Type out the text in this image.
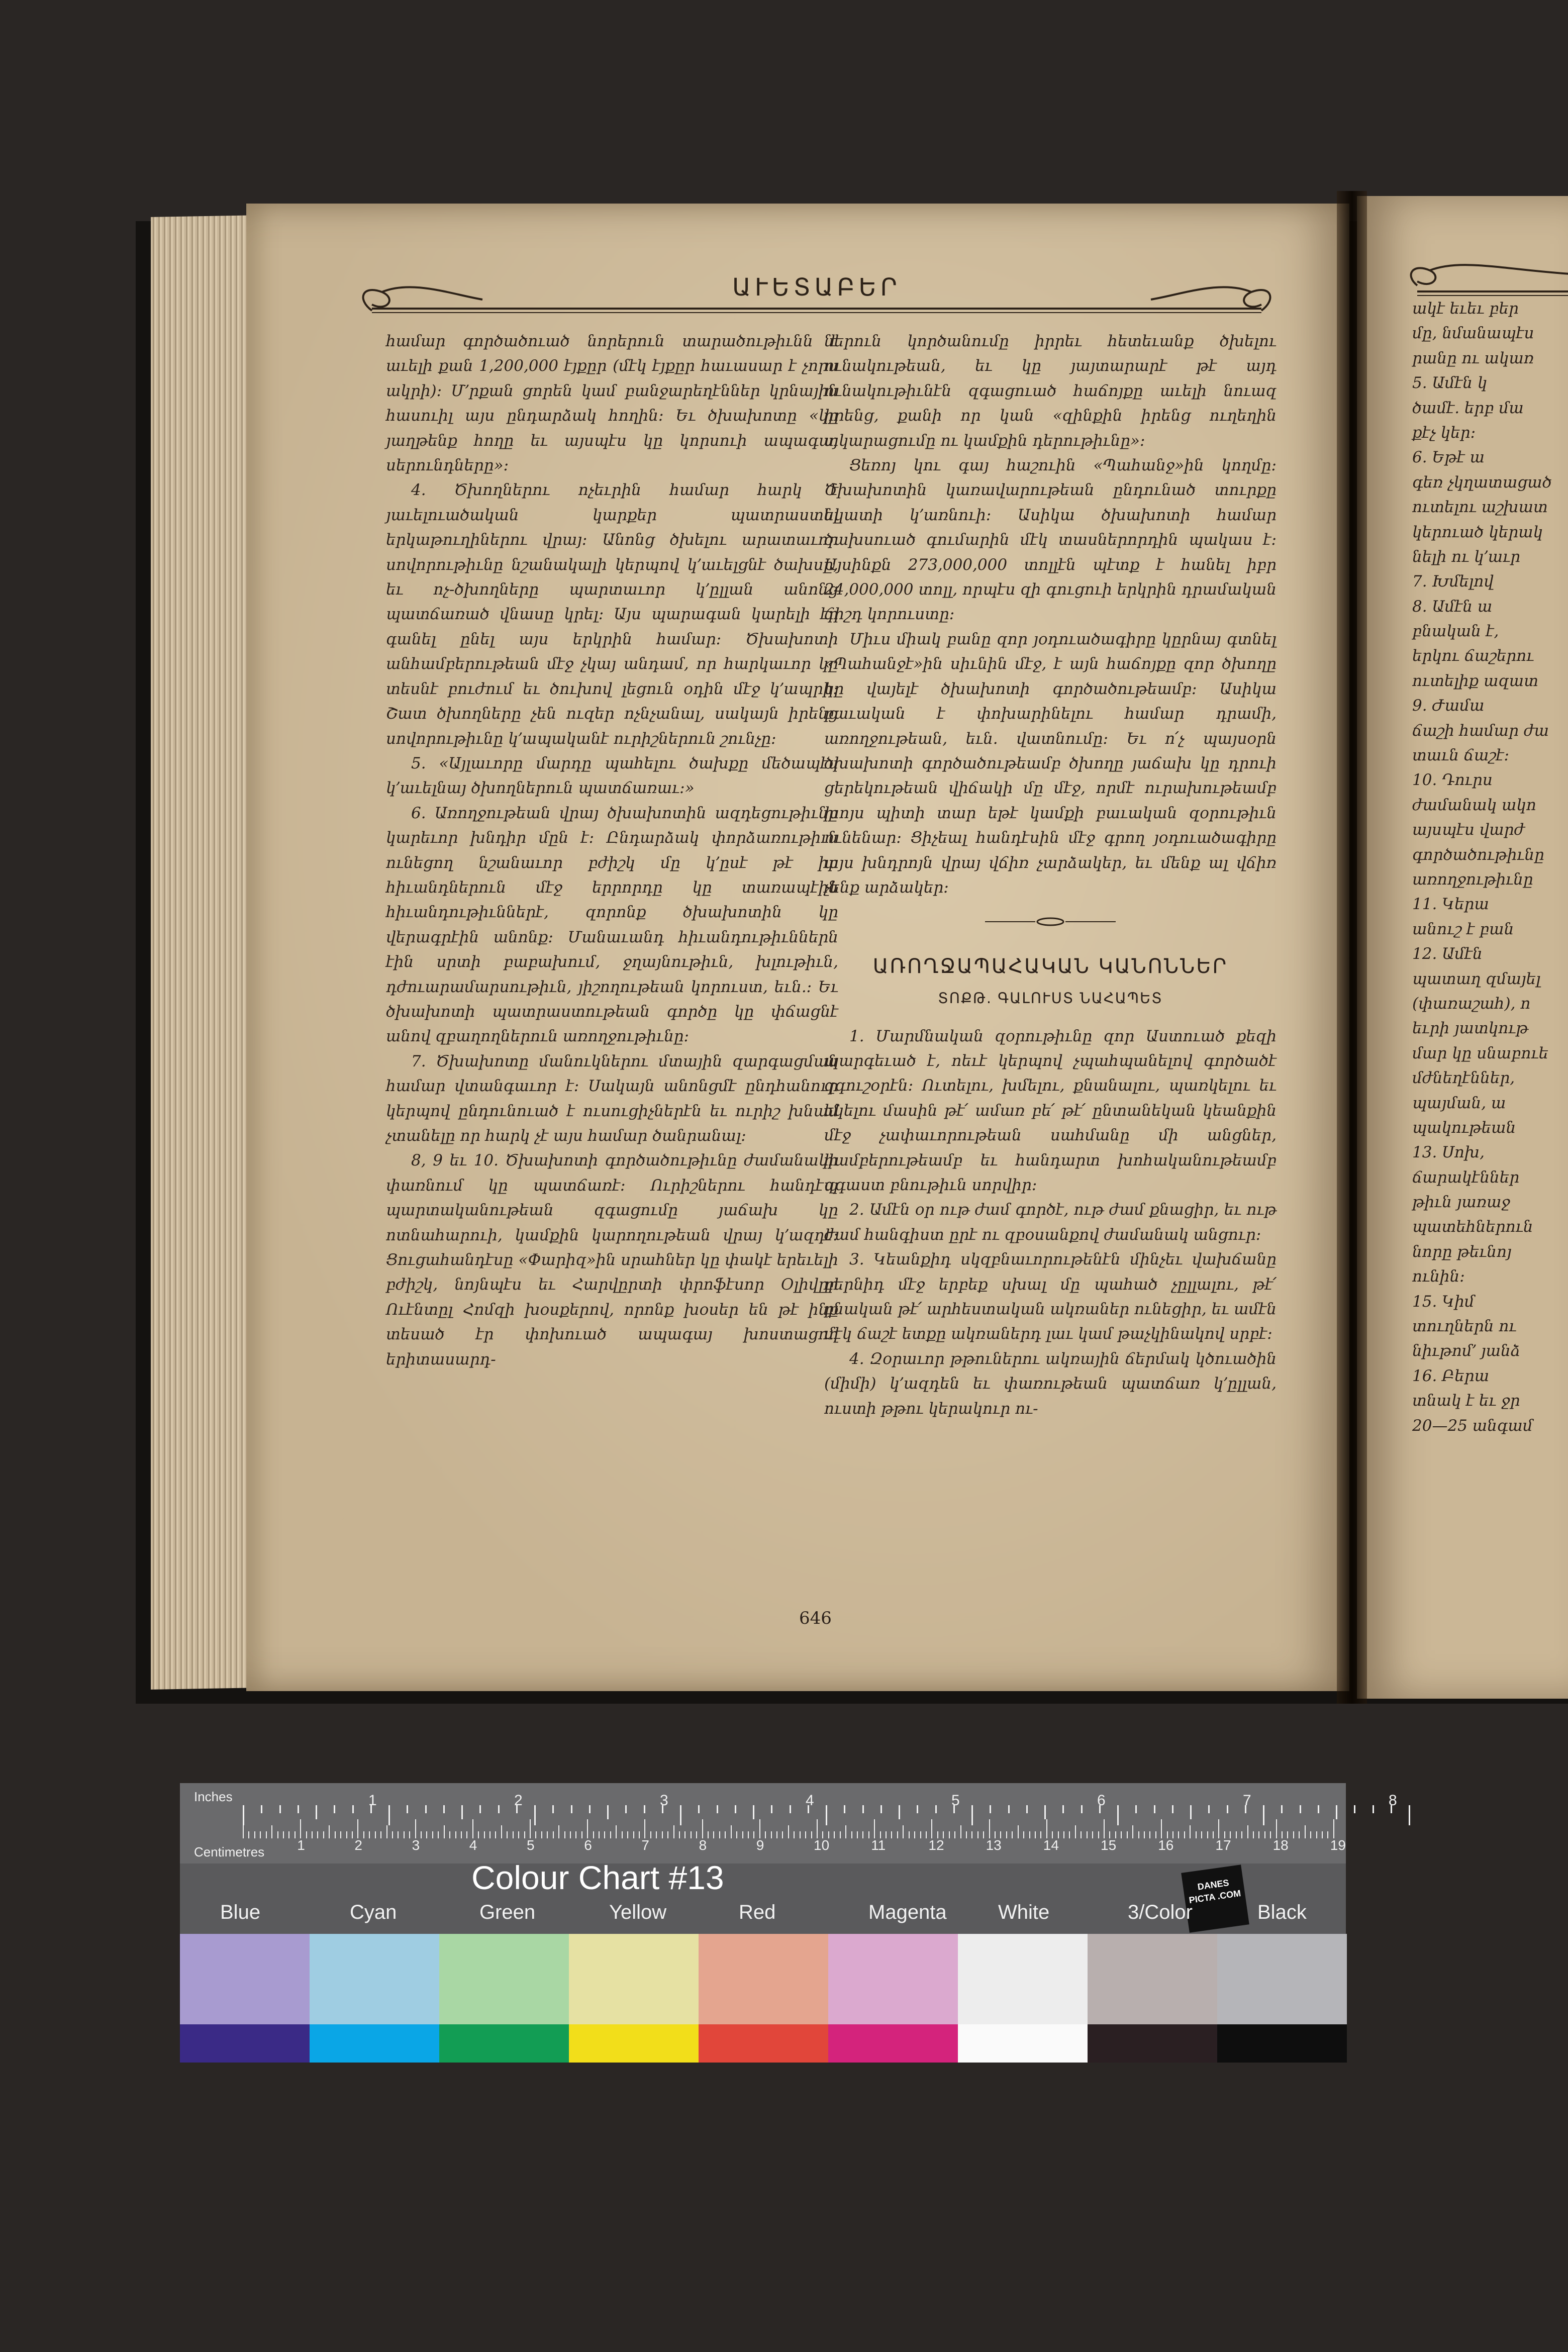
ԱՒԵՏԱԲԵՐ

համար գործածուած նորերուն տարածութիւնն է աւելի քան 1,200,000 էյքըր (մէկ էյքըր հաւասար է չորս ակրի)։ Մ՚րքան ցորեն կամ բանջարեղէններ կրնային հասուիլ այս ընդարձակ հողին։ Եւ ծխախոտը «կը յաղթենք հողը եւ այսպէս կը կորսուի ապագայ սերունդները»։

4. Ծխողներու ոչեւրին համար հարկ է յաւելուածական կարքեր պատրաստել երկաթուղիներու վրայ։ Անոնց ծխելու արատաւոր սովորութիւնը նշանակալի կերպով կ՚աւելցնէ ծախսը, եւ ոչ-ծխողները պարտաւոր կ՚ըլլան անոնց պատճառած վնասը կրել։ Այս պարագան կարելի էր գանել ընել այս երկրին համար։ Ծխախոտի անհամբերութեան մէջ չկայ անդամ, որ հարկաւոր կը տեսնէ բուժում եւ ծուխով լեցուն օդին մէջ կ՚ապրի։ Շատ ծխողները չեն ուզեր ոչնչանալ, սակայն իրենց սովորութիւնը կ՚ապականէ ուրիշներուն շունչը։

5. «Այլաւորը մարդը պահելու ծախքը մեծապէս կ՚աւելնայ ծխողներուն պատճառաւ։»

6. Առողջութեան վրայ ծխախոտին ազդեցութիւնը կարեւոր խնդիր մըն է։ Ընդարձակ փորձառութիւն ունեցող նշանաւոր բժիշկ մը կ՚ըսէ թէ իր հիւանդներուն մէջ երրորդը կը տառապէին հիւանդութիւններէ, զորոնք ծխախոտին կը վերագրէին անոնք։ Մանաւանդ հիւանդութիւններն էին սրտի բաբախում, ջղայնութիւն, խլութիւն, դժուարամարսութիւն, յիշողութեան կորուստ, եւն.։ Եւ ծխախոտի պատրաստութեան գործը կը փճացնէ անով զբաղողներուն առողջութիւնը։

7. Ծխախոտը մանուկներու մտային զարգացման համար վտանգաւոր է։ Սակայն անոնցմէ ընդհանուր կերպով ընդունուած է ուսուցիչներէն եւ ուրիշ խնամ չտանելը որ հարկ չէ այս համար ծանրանալ։

8, 9 եւ 10. Ծխախոտի գործածութիւնը ժամանակի փառնում կը պատճառէ։ Ուրիշներու հանդէպ պարտականութեան զգացումը յաճախ կը ոտնահարուի, կամքին կարողութեան վրայ կ՚ազդէ։ Ցուցահանդէսը «Փարիզ»ին սրահներ կը փակէ երեւելի բժիշկ, նոյնպէս եւ Հարվըրտի փրոֆէսոր Օլիվըր Ուէնտըլ Հոմզի խօսքերով, որոնք խօսեր են թէ ինք տեսած էր փոխուած ապագայ խոստացող երիտասարդ-

ներուն կործանումը իրրեւ հետեւանք ծխելու ունակութեան, եւ կը յայտարարէ թէ այդ ունակութիւնէն զգացուած հաճոյքը աւելի նուազ իրենց, քանի որ կան «զինքին իրենց ուղեղին տկարացումը ու կամքին դերութիւնը»։

Ցեռոյ կու գայ հաշուին «Պահանջ»ին կողմը։ Ծխախոտին կառավարութեան ընդունած տուրքը նկատի կ՚առնուի։ Ասիկա ծխախոտի համար ծախսուած գումարին մէկ տասներորդին պակաս է։ Այսինքն 273,000,000 տոլլէն պէտք է հանել իբր 24,000,000 տոլլ, որպէս զի գուցուի երկրին դրամական ճիշդ կորուստը։

Միւս միակ բանը զոր յօդուածագիրը կըրնայ գտնել «Պահանջէ»ին սիւնին մէջ, է այն հաճոյքը զոր ծխողը կը վայելէ ծխախոտի գործածութեամբ։ Ասիկա բաւական է փոխարինելու համար դրամի, առողջութեան, եւն. վատնումը։ Եւ ո՛չ պայսօրն ծխախոտի գործածութեամբ ծխողը յաճախ կը դրուի ցերեկութեան վիճակի մը մէջ, որմէ ուրախութեամբ խոյս պիտի տար եթէ կամքի բաւական զօրութիւն ունենար։ Ցիչեալ հանդէսին մէջ գրող յօդուածագիրը այս խնդրոյն վրայ վճիռ չարձակեր, եւ մենք ալ վճիռ չենք արձակեր։

ԱՌՈՂՋԱՊԱՀԱԿԱՆ ԿԱՆՈՆՆԵՐ
ՏՈՔԹ. ԳԱԼՈՒՍՏ ՆԱՀԱՊԵՏ

1. Մարմնական զօրութիւնը զոր Աստուած քեզի պարգեւած է, ոեւէ կերպով չպահպանելով գործածէ զգուշօրէն։ Ուտելու, խմելու, քնանալու, պառկելու եւ եկելու մասին թէ՛ ամառ բե՛ թէ՛ ընտանեկան կեանքին մէջ չափաւորութեան սահմանը մի անցներ, համբերութեամբ եւ հանդարտ խոհականութեամբ զգաստ բնութիւն սորվիր։

2. Ամէն օր ութ ժամ գործէ, ութ ժամ քնացիր, եւ ութ ժամ հանգիստ ըրէ ու զբօսանքով ժամանակ անցուր։

3. Կեանքիդ սկզբնաւորութենէն մինչեւ վախճանը բերնիդ մէջ երբեք սխալ մը պահած չըլլալու, թէ՛ բնական թէ՛ արհեստական ակռաներ ունեցիր, եւ ամէն մէկ ճաշէ ետքը ակռաներդ լաւ կամ թաչկինակով սրբէ։

4. Զօրաւոր թթուներու ակռային ճերմակ կծուածին (միմի) կ՚ազդեն եւ փառութեան պատճառ կ՚ըլլան, ուստի թթու կերակուր ու-

646
ակէ եւեւ բեր
մը, նմանապէս
րանը ու ակառ
5. Ամէն կ
ծամէ. երբ մա
քէչ կեր։
6. Եթէ ա
գեռ չկղատացած
ուտելու աշխատ
կերուած կերակ
նելի ու կ՚աւր
7. Խմելով
8. Ամէն ա
բնական է,
երկու ճաշերու
ուտելիք ազատ
9. Ժամա
ճաշի համար ժա
տաւն ճաշէ։
10. Դուրս
ժամանակ ակո
այսպէս վարժ
գործածութիւնը
առողջութիւնը
11. Կերա
անուշ է բան
12. Ամէն
պատաղ զմայել
(փառաշահ), ո
եւրի յատկութ
մար կը սնաբուե
մժնեղէններ,
պայման, ա
պակութեան
13. Սոխ,
ճարակէններ
թիւն յառաջ
պատեհներուն
նորը թեւնոյ
ունին։
15. Կիմ
տուղներն ու
նիւթոմ՚ յանձ
16. Բերա
տնակ է եւ ջր
20—25 անգամ
Inches
Centimetres
1	2	3	4	5	6	7	8
1	2	3	4	5	6	7	8	9	10	11	12	13	14	15	16	17	18	19
Colour Chart #13	DANES PICTA .COM
Blue	Cyan	Green	Yellow	Red	Magenta	White	3/Color	Black
